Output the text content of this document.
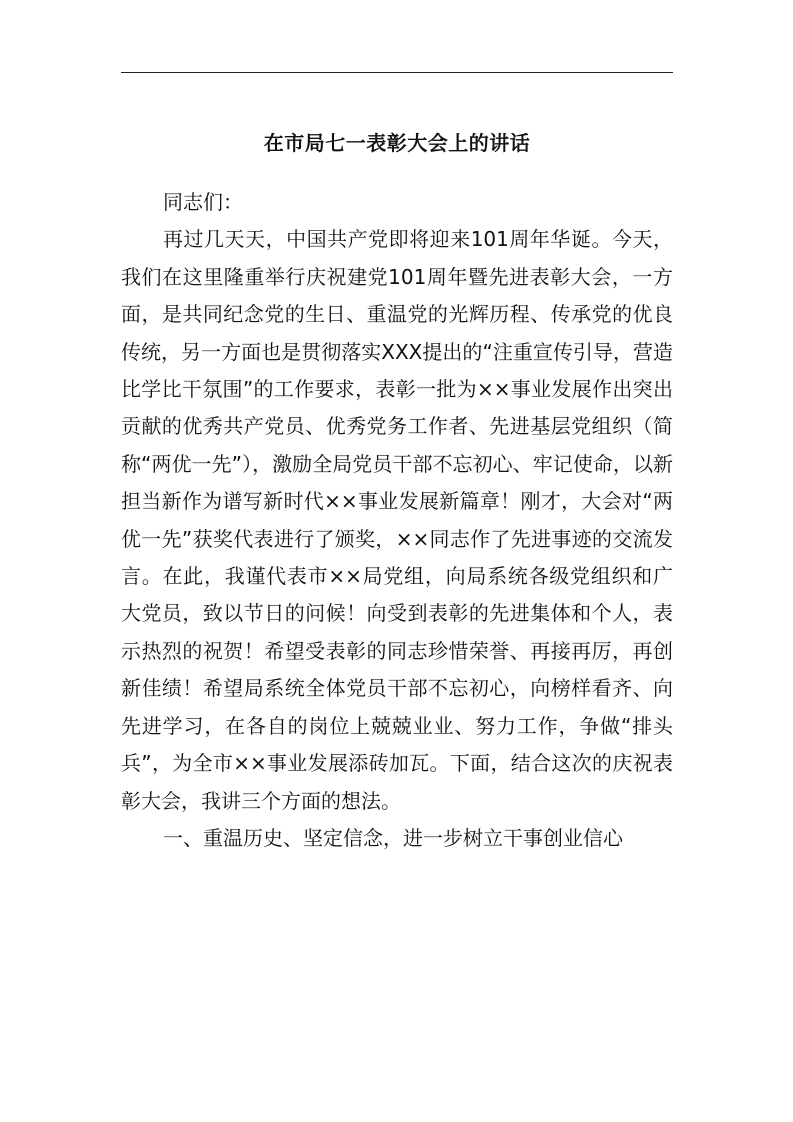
在市局七一表彰大会上的讲话

同志们：

再过几天天，中国共产党即将迎来101周年华诞。今天，我们在这里隆重举行庆祝建党101周年暨先进表彰大会，一方面，是共同纪念党的生日、重温党的光辉历程、传承党的优良传统，另一方面也是贯彻落实XXX提出的“注重宣传引导，营造比学比干氛围”的工作要求，表彰一批为××事业发展作出突出贡献的优秀共产党员、优秀党务工作者、先进基层党组织（简称“两优一先”），激励全局党员干部不忘初心、牢记使命，以新担当新作为谱写新时代××事业发展新篇章！刚才，大会对“两优一先”获奖代表进行了颁奖，××同志作了先进事迹的交流发言。在此，我谨代表市××局党组，向局系统各级党组织和广大党员，致以节日的问候！向受到表彰的先进集体和个人，表示热烈的祝贺！希望受表彰的同志珍惜荣誉、再接再厉，再创新佳绩！希望局系统全体党员干部不忘初心，向榜样看齐、向先进学习，在各自的岗位上兢兢业业、努力工作，争做“排头兵”，为全市××事业发展添砖加瓦。下面，结合这次的庆祝表彰大会，我讲三个方面的想法。

一、重温历史、坚定信念，进一步树立干事创业信心
